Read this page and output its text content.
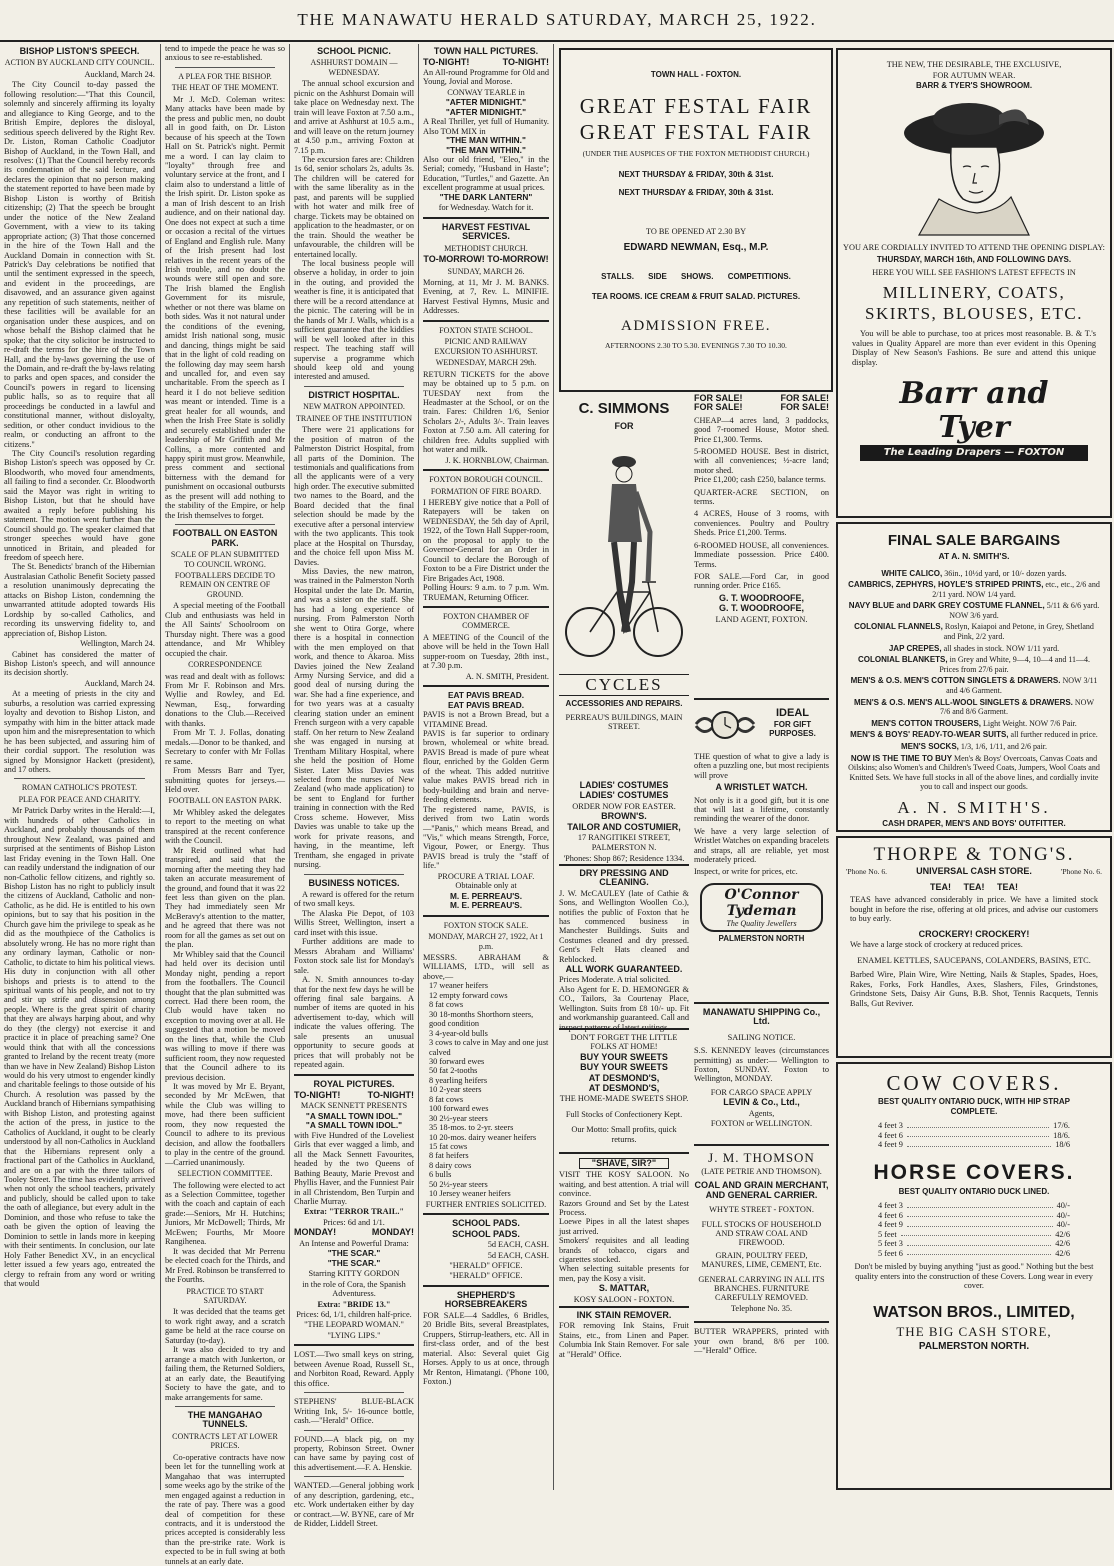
THE MANAWATU HERALD SATURDAY, MARCH 25, 1922.
BISHOP LISTON'S SPEECH.
ACTION BY AUCKLAND CITY COUNCIL.
Auckland, March 24.

The City Council to-day passed the following resolution:—"That this Council, solemnly and sincerely affirming its loyalty and allegiance to King George, and to the British Empire, deplores the disloyal, seditious speech delivered by the Right Rev. Dr. Liston, Roman Catholic Coadjutor Bishop of Auckland, in the Town Hall, and resolves: (1) That the Council hereby records its condemnation of the said lecture, and declares the opinion that no person making the statement reported to have been made by Bishop Liston is worthy of British citizenship; (2) That the speech be brought under the notice of the New Zealand Government, with a view to its taking appropriate action; (3) That those concerned in the hire of the Town Hall and the Auckland Domain in connection with St. Patrick's Day celebrations be notified that until the sentiment expressed in the speech, and evident in the proceedings, are disavowed, and an assurance given against any repetition of such statements, neither of these facilities will be available for an organisation under these auspices, and on whose behalf the Bishop claimed that he spoke; that the city solicitor be instructed to re-draft the terms for the hire of the Town Hall, and the by-laws governing the use of the Domain, and re-draft the by-laws relating to parks and open spaces, and consider the Council's powers in regard to licensing public halls, so as to require that all proceedings be conducted in a lawful and constitutional manner, without disloyalty, sedition, or other conduct invidious to the realm, or conducting an affront to the citizens."

The City Council's resolution regarding Bishop Liston's speech was opposed by Cr. Bloodworth, who moved four amendments, all failing to find a seconder. Cr. Bloodworth said the Mayor was right in writing to Bishop Liston, but that he should have awaited a reply before publishing his statement. The motion went further than the Council should go. The speaker claimed that stronger speeches would have gone unnoticed in Britain, and pleaded for freedom of speech here.

The St. Benedicts' branch of the Hibernian Australasian Catholic Benefit Society passed a resolution unanimously deprecating the attacks on Bishop Liston, condemning the unwarranted attitude adopted towards His Lordship by so-called Catholics, and recording its unswerving fidelity to, and appreciation of, Bishop Liston.

Wellington, March 24.

Cabinet has considered the matter of Bishop Liston's speech, and will announce its decision shortly.

Auckland, March 24.

At a meeting of priests in the city and suburbs, a resolution was carried expressing loyalty and devotion to Bishop Liston, and sympathy with him in the bitter attack made upon him and the misrepresentation to which he has been subjected, and assuring him of their cordial support. The resolution was signed by Monsignor Hackett (president), and 17 others.

ROMAN CATHOLIC'S PROTEST.
PLEA FOR PEACE AND CHARITY.

Mr Patrick Darby writes in the Herald:—I, with hundreds of other Catholics in Auckland, and probably thousands of them throughout New Zealand, was pained and surprised at the sentiments of Bishop Liston last Friday evening in the Town Hall. One can readily understand the indignation of our non-Catholic fellow citizens, and rightly so. Bishop Liston has no right to publicly insult the citizens of Auckland, Catholic and non-Catholic, as he did. He is entitled to his own opinions, but to say that his position in the Church gave him the privilege to speak as he did as the mouthpiece of the Catholics is absolutely wrong. He has no more right than any ordinary layman, Catholic or non-Catholic, to dictate to him his political views. His duty in conjunction with all other bishops and priests is to attend to the spiritual wants of his people, and not to try and stir up strife and dissension among people. Where is the great spirit of charity that they are always harping about, and why do they (the clergy) not exercise it and practice it in place of preaching same? One would think that with all the concessions granted to Ireland by the recent treaty (more than we have in New Zealand) Bishop Liston would do his very utmost to engender kindly and charitable feelings to those outside of his Church. A resolution was passed by the Auckland branch of Hibernians sympathising with Bishop Liston, and protesting against the action of the press, in justice to the Catholics of Auckland, it ought to be clearly understood by all non-Catholics in Auckland that the Hibernians represent only a fractional part of the Catholics in Auckland, and are on a par with the three tailors of Tooley Street. The time has evidently arrived when not only the school teachers, privately and publicly, should be called upon to take the oath of allegiance, but every adult in the Dominion, and those who refuse to take the oath be given the option of leaving the Dominion to settle in lands more in keeping with their sentiments. In conclusion, our late Holy Father Benedict XV., in an encyclical letter issued a few years ago, entreated the clergy to refrain from any word or writing that would

tend to impede the peace he was so anxious to see re-established.

A PLEA FOR THE BISHOP.
THE HEAT OF THE MOMENT.

Mr J. McD. Coleman writes: Many attacks have been made by the press and public men, no doubt all in good faith, on Dr. Liston because of his speech at the Town Hall on St. Patrick's night. Permit me a word. I can lay claim to "loyalty" through free and voluntary service at the front, and I claim also to understand a little of the Irish spirit. Dr. Liston spoke as a man of Irish descent to an Irish audience, and on their national day. One does not expect at such a time or occasion a recital of the virtues of England and English rule. Many of the Irish present had lost relatives in the recent years of the Irish trouble, and no doubt the wounds were still open and sore. The Irish blamed the English Government for its misrule, whether or not there was blame on both sides. Was it not natural under the conditions of the evening, amidst Irish national song, music and dancing, things might be said that in the light of cold reading on the following day may seem harsh and uncalled for, and even say uncharitable. From the speech as I heard it I do not believe sedition was meant or intended. Time is a great healer for all wounds, and when the Irish Free State is solidly and securely established under the leadership of Mr Griffith and Mr Collins, a more contented and happy spirit must grow. Meanwhile, press comment and sectional bitterness with the demand for punishment on occasional outbursts as the present will add nothing to the stability of the Empire, or help the Irish themselves to forget.

FOOTBALL ON EASTON PARK.
SCALE OF PLAN SUBMITTED TO COUNCIL WRONG.
FOOTBALLERS DECIDE TO REMAIN ON CENTRE OF GROUND.

A special meeting of the Football Club and enthusiasts was held in the All Saints' Schoolroom on Thursday night. There was a good attendance, and Mr Whibley occupied the chair.

CORRESPONDENCE

was read and dealt with as follows: From Mr F. Robinson and Mrs. Wyllie and Rowley, and Ed. Newman, Esq., forwarding donations to the Club.—Received with thanks.

From Mr T. J. Follas, donating medals.—Donor to be thanked, and Secretary to confer with Mr Follas re same.

From Messrs Barr and Tyer, submitting quotes for jerseys.—Held over.

FOOTBALL ON EASTON PARK.

Mr Whibley asked the delegates to report to the meeting on what transpired at the recent conference with the Council.

Mr Reid outlined what had transpired, and said that the morning after the meeting they had taken an accurate measurement of the ground, and found that it was 22 feet less than given on the plan. They had immediately seen Mr McBeravy's attention to the matter, and he agreed that there was not room for all the games as set out on the plan.

Mr Whibley said that the Council had held over its decision until Monday night, pending a report from the footballers. The Council thought that the plan submitted was correct. Had there been room, the Club would have taken no exception to moving over at all. He suggested that a motion be moved on the lines that, while the Club was willing to move if there was sufficient room, they now requested that the Council adhere to its previous decision.

It was moved by Mr E. Bryant, seconded by Mr McEwen, that while the Club was willing to move, had there been sufficient room, they now requested the Council to adhere to its previous decision, and allow the footballers to play in the centre of the ground.—Carried unanimously.

SELECTION COMMITTEE.

The following were elected to act as a Selection Committee, together with the coach and captain of each grade:—Seniors, Mr H. Hutchins; Juniors, Mr McDowell; Thirds, Mr McEwen; Fourths, Mr Moore Rangihenea.

It was decided that Mr Perrenu be elected coach for the Thirds, and Mr Fred. Robinson be transferred to the Fourths.

PRACTICE TO START SATURDAY.

It was decided that the teams get to work right away, and a scratch game be held at the race course on Saturday (to-day).

It was also decided to try and arrange a match with Junkerton, or failing them, the Returned Soldiers, at an early date, the Beautifying Society to have the gate, and to make arrangements for same.

THE MANGAHAO TUNNELS.
CONTRACTS LET AT LOWER PRICES.

Co-operative contracts have now been let for the tunnelling work at Mangahao that was interrupted some weeks ago by the strike of the men engaged against a reduction in the rate of pay. There was a good deal of competition for these contracts, and it is understood the prices accepted is considerably less than the pre-strike rate. Work is expected to be in full swing at both tunnels at an early date.

SCHOOL PICNIC.
ASHHURST DOMAIN — WEDNESDAY.

The annual school excursion and picnic on the Ashhurst Domain will take place on Wednesday next. The train will leave Foxton at 7.50 a.m., and arrive at Ashhurst at 10.5 a.m., and will leave on the return journey at 4.50 p.m., arriving Foxton at 7.15 p.m.

The excursion fares are: Children 1s 6d, senior scholars 2s, adults 3s. The children will be catered for with the same liberality as in the past, and parents will be supplied with hot water and milk free of charge. Tickets may be obtained on application to the headmaster, or on the train. Should the weather be unfavourable, the children will be entertained locally.

The local business people will observe a holiday, in order to join in the outing, and provided the weather is fine, it is anticipated that there will be a record attendance at the picnic. The catering will be in the hands of Mr J. Walls, which is a sufficient guarantee that the kiddies will be well looked after in this respect. The teaching staff will supervise a programme which should keep old and young interested and amused.

DISTRICT HOSPITAL.
NEW MATRON APPOINTED.
TRAINEE OF THE INSTITUTION

There were 21 applications for the position of matron of the Palmerston District Hospital, from all parts of the Dominion. The testimonials and qualifications from all the applicants were of a very high order. The executive submitted two names to the Board, and the Board decided that the final selection should be made by the executive after a personal interview with the two applicants. This took place at the Hospital on Thursday, and the choice fell upon Miss M. Davies.

Miss Davies, the new matron, was trained in the Palmerston North Hospital under the late Dr. Martin, and was a sister on the staff. She has had a long experience of nursing. From Palmerston North she went to Otira Gorge, where there is a hospital in connection with the men employed on that work, and thence to Akaroa. Miss Davies joined the New Zealand Army Nursing Service, and did a good deal of nursing during the war. She had a fine experience, and for two years was at a casualty clearing station under an eminent French surgeon with a very capable staff. On her return to New Zealand she was engaged in nursing at Trentham Military Hospital, where she held the position of Home Sister. Later Miss Davies was selected from the nurses of New Zealand (who made application) to be sent to England for further training in connection with the Red Cross scheme. However, Miss Davies was unable to take up the work for private reasons, and having, in the meantime, left Trentham, she engaged in private nursing.

BUSINESS NOTICES.

A reward is offered for the return of two small keys.

The Alaska Pie Depot, of 103 Willis Street, Wellington, insert a card inset with this issue.

Further additions are made to Messrs Abraham and Williams' Foxton stock sale list for Monday's sale.

A. N. Smith announces to-day that for the next few days he will be offering final sale bargains. A number of items are quoted in his advertisement to-day, which will indicate the values offering. The sale presents an unusual opportunity to secure goods at prices that will probably not be repeated again.

ROYAL PICTURES.
TO-NIGHT!	TO-NIGHT!
MACK SENNETT PRESENTS
"A SMALL TOWN IDOL."
"A SMALL TOWN IDOL."

with Five Hundred of the Loveliest Girls that ever wagged a limb, and all the Mack Sennett Favourites, headed by the two Queens of Bathing Beauty, Marie Prevost and Phyllis Haver, and the Funniest Pair in all Christendom, Ben Turpin and Charlie Murray.

Extra: "TERROR TRAIL."
Prices: 6d and 1/1.
MONDAY!	MONDAY!
An Intense and Powerful Drama:
"THE SCAR."
"THE SCAR."
Starring KITTY GORDON
in the role of Cora, the Spanish Adventuress.
Extra: "BRIDE 13."
Prices: 6d, 1/1, children half-price.
"THE LEOPARD WOMAN."
"LYING LIPS."

LOST.—Two small keys on string, between Avenue Road, Russell St., and Norbiton Road, Reward. Apply this office.

STEPHENS' BLUE-BLACK Writing Ink, 5/- 16-ounce bottle, cash.—"Herald" Office.

FOUND.—A black pig, on my property, Robinson Street. Owner can have same by paying cost of this advertisement.—F. A. Henskie.

WANTED.—General jobbing work of any description, gardening, etc., etc. Work undertaken either by day or contract.—W. BYNE, care of Mr de Ridder, Liddell Street.

TOWN HALL PICTURES.
TO-NIGHT!	TO-NIGHT!

An All-round Programme for Old and Young, Jovial and Morose.

CONWAY TEARLE in
"AFTER MIDNIGHT."
"AFTER MIDNIGHT."

A Real Thriller, yet full of Humanity. Also TOM MIX in

"THE MAN WITHIN."
"THE MAN WITHIN."

Also our old friend, "Eleo," in the Serial; comedy, "Husband in Haste"; Education, "Turtles," and Gazette. An excellent programme at usual prices.

"THE DARK LANTERN"
for Wednesday. Watch for it.
HARVEST FESTIVAL SERVICES.
METHODIST CHURCH.
TO-MORROW! TO-MORROW!
SUNDAY, MARCH 26.

Morning, at 11, Mr J. M. BANKS. Evening, at 7, Rev. L. MINIFIE. Harvest Festival Hymns, Music and Addresses.

FOXTON STATE SCHOOL.
PICNIC AND RAILWAY EXCURSION TO ASHHURST.
WEDNESDAY, MARCH 29th.

RETURN TICKETS for the above may be obtained up to 5 p.m. on TUESDAY next from the Headmaster at the School, or on the train. Fares: Children 1/6, Senior Scholars 2/-, Adults 3/-. Train leaves Foxton at 7.50 a.m. All catering for children free. Adults supplied with hot water and milk.

J. K. HORNBLOW, Chairman.
FOXTON BOROUGH COUNCIL.
FORMATION OF FIRE BOARD.

I HEREBY give notice that a Poll of Ratepayers will be taken on WEDNESDAY, the 5th day of April, 1922, of the Town Hall Supper-room, on the proposal to apply to the Governor-General for an Order in Council to declare the Borough of Foxton to be a Fire District under the Fire Brigades Act, 1908.

Polling Hours: 9 a.m. to 7 p.m. Wm. TRUEMAN, Returning Officer.

FOXTON CHAMBER OF COMMERCE.

A MEETING of the Council of the above will be held in the Town Hall supper-room on Tuesday, 28th inst., at 7.30 p.m.

A. N. SMITH, President.
EAT PAVIS BREAD.
EAT PAVIS BREAD.

PAVIS is not a Brown Bread, but a VITAMINE Bread.

PAVIS is far superior to ordinary brown, wholemeal or white bread. PAVIS Bread is made of pure wheat flour, enriched by the Golden Germ of the wheat. This added nutritive value makes PAVIS bread rich in body-building and brain and nerve-feeding elements.

The registered name, PAVIS, is derived from two Latin words—"Panis," which means Bread, and "Vis," which means Strength, Force, Vigour, Power, or Energy. Thus PAVIS bread is truly the "staff of life."

PROCURE A TRIAL LOAF. Obtainable only at
M. E. PERREAU'S.
M. E. PERREAU'S.
FOXTON STOCK SALE.
MONDAY, MARCH 27, 1922, At 1 p.m.

MESSRS. ABRAHAM & WILLIAMS, LTD., will sell as above,—

17 weaner heifers
12 empty forward cows
8 fat cows
30 18-months Shorthorn steers, good condition
3 4-year-old bulls
3 cows to calve in May and one just calved
30 forward ewes
50 fat 2-tooths
8 yearling heifers
10 2-year steers
8 fat cows
100 forward ewes
30 2½-year steers
35 18-mos. to 2-yr. steers
10 20-mos. dairy weaner heifers
15 fat cows
8 fat heifers
8 dairy cows
6 bulls
50 2½-year steers
10 Jersey weaner heifers
FURTHER ENTRIES SOLICITED.
SCHOOL PADS.
SCHOOL PADS.
5d EACH, CASH.
5d EACH, CASH.
"HERALD" OFFICE.
"HERALD" OFFICE.
SHEPHERD'S HORSEBREAKERS

FOR SALE—4 Saddles, 6 Bridles, 20 Bridle Bits, several Breastplates, Cruppers, Stirrup-leathers, etc. All in first-class order, and of the best material. Also: Several quiet Gig Horses. Apply to us at once, through Mr Renton, Himatangi. ('Phone 100, Foxton.)

TOWN HALL - FOXTON.
GREAT FESTAL FAIR
GREAT FESTAL FAIR
(UNDER THE AUSPICES OF THE FOXTON METHODIST CHURCH.)
NEXT THURSDAY & FRIDAY, 30th & 31st.
NEXT THURSDAY & FRIDAY, 30th & 31st.
TO BE OPENED AT 2.30 BY
EDWARD NEWMAN, Esq., M.P.
STALLS. SIDE SHOWS. COMPETITIONS.
TEA ROOMS. ICE CREAM & FRUIT SALAD. PICTURES.
ADMISSION FREE.
AFTERNOONS 2.30 TO 5.30. EVENINGS 7.30 TO 10.30.
C. SIMMONS
FOR
CYCLES
ACCESSORIES AND REPAIRS.
PERREAU'S BUILDINGS, MAIN STREET.
LADIES' COSTUMES
LADIES' COSTUMES
ORDER NOW FOR EASTER.
BROWN'S.
TAILOR AND COSTUMIER,
17 RANGITIKEI STREET,
PALMERSTON N.
'Phones: Shop 867; Residence 1334.
DRY PRESSING AND CLEANING.

J. W. McCAULEY (late of Cathie & Sons, and Wellington Woollen Co.), notifies the public of Foxton that he has commenced business in Manchester Buildings. Suits and Costumes cleaned and dry pressed. Gent's Felt Hats cleaned and Reblocked.

ALL WORK GUARANTEED.
Prices Moderate. A trial solicited.

Also Agent for E. D. HEMONGER & CO., Tailors, 3a Courtenay Place, Wellington. Suits from £8 10/- up. Fit and workmanship guaranteed. Call and inspect patterns of latest suitings.

DON'T FORGET THE LITTLE FOLKS AT HOME!
BUY YOUR SWEETS
BUY YOUR SWEETS
AT DESMOND'S,
AT DESMOND'S,
THE HOME-MADE SWEETS SHOP.
Full Stocks of Confectionery Kept.
Our Motto: Small profits, quick returns.
"SHAVE, SIR?"

VISIT THE KOSY SALOON. No waiting, and best attention. A trial will convince.

Razors Ground and Set by the Latest Process.

Loewe Pipes in all the latest shapes just arrived.

Smokers' requisites and all leading brands of tobacco, cigars and cigarettes stocked.

When selecting suitable presents for men, pay the Kosy a visit.

S. MATTAR,
KOSY SALOON - FOXTON.
INK STAIN REMOVER.

FOR removing Ink Stains, Fruit Stains, etc., from Linen and Paper. Columbia Ink Stain Remover. For sale at "Herald" Office.

FOR SALE!	FOR SALE!
FOR SALE!	FOR SALE!

CHEAP—4 acres land, 3 paddocks, good 7-roomed House, Motor shed. Price £1,300. Terms.

5-ROOMED HOUSE. Best in district, with all conveniences; ½-acre land; motor shed.

Price £1,200; cash £250, balance terms.

QUARTER-ACRE SECTION, on terms.

4 ACRES, House of 3 rooms, with conveniences. Poultry and Poultry Sheds. Price £1,200. Terms.

6-ROOMED HOUSE, all conveniences. Immediate possession. Price £400. Terms.

FOR SALE.—Ford Car, in good running order. Price £165.

G. T. WOODROOFE,
G. T. WOODROOFE,
LAND AGENT, FOXTON.
IDEAL
FOR GIFT PURPOSES.

THE question of what to give a lady is often a puzzling one, but most recipients will prove

A WRISTLET WATCH.

Not only is it a good gift, but it is one that will last a lifetime, constantly reminding the wearer of the donor.

We have a very large selection of Wristlet Watches on expanding bracelets and straps, all are reliable, yet most moderately priced.

Inspect, or write for prices, etc.

O'Connor
Tydeman
The Quality Jewellers
PALMERSTON NORTH
MANAWATU SHIPPING Co., Ltd.
SAILING NOTICE.

S.S. KENNEDY leaves (circumstances permitting) as under:— Wellington to Foxton, SUNDAY. Foxton to Wellington, MONDAY.

FOR CARGO SPACE APPLY
LEVIN & Co., Ltd.,
Agents,
FOXTON or WELLINGTON.
J. M. THOMSON
(LATE PETRIE AND THOMSON).
COAL AND GRAIN MERCHANT, AND GENERAL CARRIER.
WHYTE STREET - FOXTON.
FULL STOCKS OF HOUSEHOLD AND STRAW COAL AND FIREWOOD.
GRAIN, POULTRY FEED, MANURES, LIME, CEMENT, Etc.
GENERAL CARRYING IN ALL ITS BRANCHES. FURNITURE CAREFULLY REMOVED.
Telephone No. 35.

BUTTER WRAPPERS, printed with your own brand, 8/6 per 100. —"Herald" Office.

THE NEW, THE DESIRABLE, THE EXCLUSIVE,
FOR AUTUMN WEAR.
BARR & TYER'S SHOWROOM.
YOU ARE CORDIALLY INVITED TO ATTEND THE OPENING DISPLAY:
THURSDAY, MARCH 16th, AND FOLLOWING DAYS.
HERE YOU WILL SEE FASHION'S LATEST EFFECTS IN
MILLINERY, COATS,
SKIRTS, BLOUSES, ETC.

You will be able to purchase, too at prices most reasonable. B. & T.'s values in Quality Apparel are more than ever evident in this Opening Display of New Season's Fashions. Be sure and attend this unique display.

Barr and Tyer
The Leading Drapers — FOXTON
FINAL SALE BARGAINS
AT A. N. SMITH'S.
WHITE CALICO, 36in., 10½d yard, or 10/- dozen yards.
CAMBRICS, ZEPHYRS, HOYLE'S STRIPED PRINTS, etc., etc., 2/6 and 2/11 yard. NOW 1/4 yard.
NAVY BLUE and DARK GREY COSTUME FLANNEL, 5/11 & 6/6 yard. NOW 3/6 yard.
COLONIAL FLANNELS, Roslyn, Kaiapoi and Petone, in Grey, Shetland and Pink, 2/2 yard.
JAP CREPES, all shades in stock. NOW 1/11 yard.
COLONIAL BLANKETS, in Grey and White, 9—4, 10—4 and 11—4. Prices from 27/6 pair.
MEN'S & O.S. MEN'S COTTON SINGLETS & DRAWERS. NOW 3/11 and 4/6 Garment.
MEN'S & O.S. MEN'S ALL-WOOL SINGLETS & DRAWERS. NOW 7/6 and 8/6 Garment.
MEN'S COTTON TROUSERS, Light Weight. NOW 7/6 Pair.
MEN'S & BOYS' READY-TO-WEAR SUITS, all further reduced in price.
MEN'S SOCKS, 1/3, 1/6, 1/11, and 2/6 pair.
NOW IS THE TIME TO BUY Men's & Boys' Overcoats, Canvas Coats and Oilskins; also Women's and Children's Tweed Coats, Jumpers, Wool Coats and Knitted Sets. We have full stocks in all of the above lines, and cordially invite you to call and inspect our goods.
A. N. SMITH'S.
CASH DRAPER, MEN'S AND BOYS' OUTFITTER.
THORPE & TONG'S.
'Phone No. 6.	UNIVERSAL CASH STORE.	'Phone No. 6.
TEA! TEA! TEA!

TEAS have advanced considerably in price. We have a limited stock bought in before the rise, offering at old prices, and advise our customers to buy early.

CROCKERY! CROCKERY!

We have a large stock of crockery at reduced prices.

ENAMEL KETTLES, SAUCEPANS, COLANDERS, BASINS, ETC.

Barbed Wire, Plain Wire, Wire Netting, Nails & Staples, Spades, Hoes, Rakes, Forks, Fork Handles, Axes, Slashers, Files, Grindstones, Grindstone Sets, Daisy Air Guns, B.B. Shot, Tennis Racquets, Tennis Balls, Gut Reviver.

COW COVERS.
BEST QUALITY ONTARIO DUCK, WITH HIP STRAP COMPLETE.
4 feet 3	17/6.
4 feet 6	18/6.
4 feet 9	18/6
HORSE COVERS.
BEST QUALITY ONTARIO DUCK LINED.
4 feet 3	40/-
4 feet 6	40/-
4 feet 9	40/-
5 feet	42/6
5 feet 3	42/6
5 feet 6	42/6

Don't be misled by buying anything "just as good." Nothing but the best quality enters into the construction of these Covers. Long wear in every cover.

WATSON BROS., LIMITED,
THE BIG CASH STORE,
PALMERSTON NORTH.
